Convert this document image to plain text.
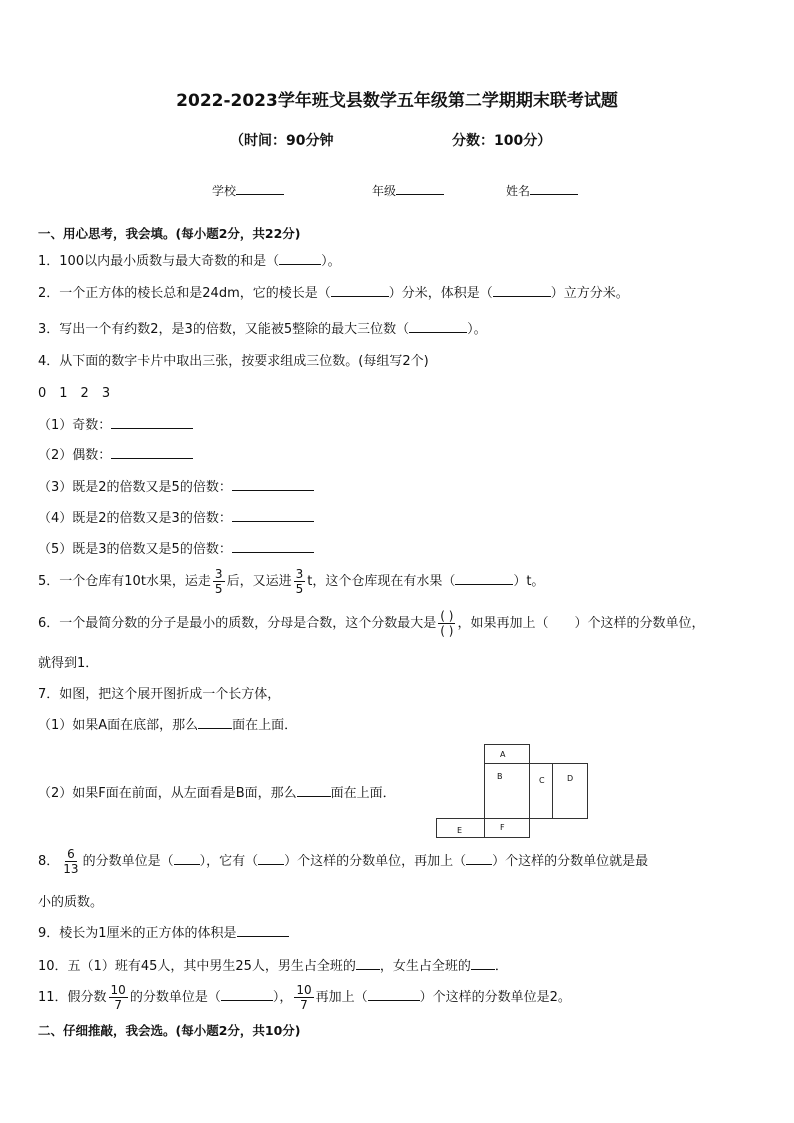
2022-2023学年班戈县数学五年级第二学期期末联考试题
（时间：90分钟	分数：100分）
学校	年级	姓名
一、用心思考，我会填。(每小题2分，共22分)
1．100以内最小质数与最大奇数的和是（	）。
2．一个正方体的棱长总和是24dm，它的棱长是（	）分米，体积是（	）立方分米。
3．写出一个有约数2，是3的倍数，又能被5整除的最大三位数（	）。
4．从下面的数字卡片中取出三张，按要求组成三位数。(每组写2个)
0　1　2　3
（1）奇数：
（2）偶数：
（3）既是2的倍数又是5的倍数：
（4）既是2的倍数又是3的倍数：
（5）既是3的倍数又是5的倍数：
5．一个仓库有10t水果，运走 $\frac{3}{5}$ 后，又运进 $\frac{3}{5}$ t，这个仓库现在有水果（	）t。
6．一个最简分数的分子是最小的质数，分母是合数，这个分数最大是 $\frac{( )}{( )}$ ，如果再加上（　　）个这样的分数单位，
就得到1．
7．如图，把这个展开图折成一个长方体，
（1）如果A面在底部，那么	面在上面．
（2）如果F面在前面，从左面看是B面，那么	面在上面．
A
B	C	D
E	F
8． $\frac{6}{13}$ 的分数单位是（ ），它有（ ）个这样的分数单位，再加上（ ）个这样的分数单位就是最
小的质数。
9．棱长为1厘米的正方体的体积是
10．五（1）班有45人，其中男生25人，男生占全班的 ，女生占全班的 ．
11．假分数 $\frac{10}{7}$ 的分数单位是（	）， $\frac{10}{7}$ 再加上（	）个这样的分数单位是2。
二、仔细推敲，我会选。(每小题2分，共10分)
